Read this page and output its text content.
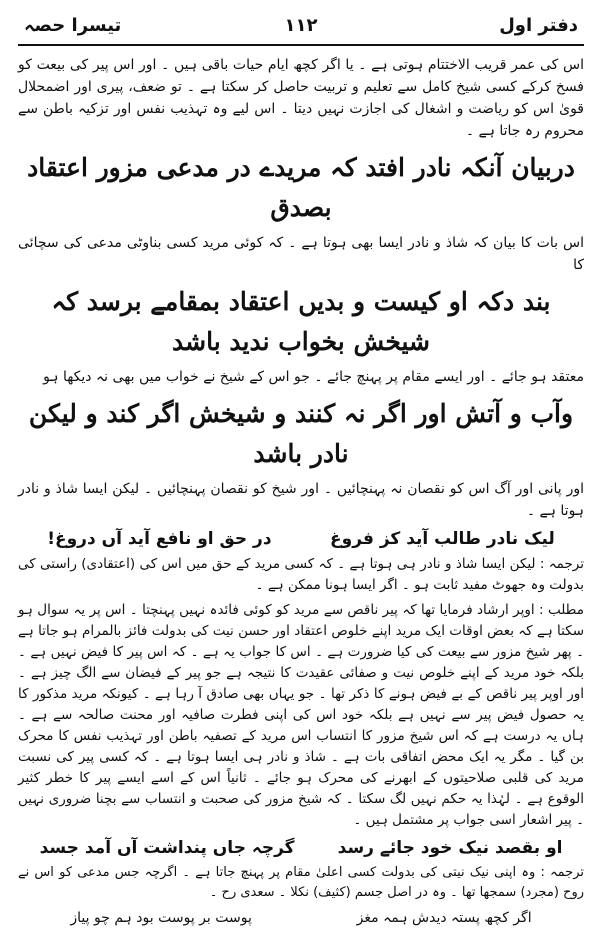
دفتر اول
۱۱۲
تیسرا حصہ

اس کی عمر قریب الاختتام ہوتی ہے ۔ یا اگر کچھ ایام حیات باقی ہیں ۔ اور اس پیر کی بیعت کو فسخ کرکے کسی شیخ کامل سے تعلیم و تربیت حاصل کر سکتا ہے ۔ تو ضعف، پیری اور اضمحلال قویٰ اس کو ریاضت و اشغال کی اجازت نہیں دیتا ۔ اس لیے وہ تہذیب نفس اور تزکیہ باطن سے محروم رہ جاتا ہے ۔

دربیان آنکہ نادر افتد کہ مریدے در مدعی مزور اعتقاد بصدق

اس بات کا بیان کہ شاذ و نادر ایسا بھی ہوتا ہے ۔ کہ کوئی مرید کسی بناوٹی مدعی کی سچائی کا

بند دکہ او کیست و بدیں اعتقاد بمقامے برسد کہ شیخش بخواب ندید باشد

معتقد ہو جائے ۔ اور ایسے مقام پر پہنچ جائے ۔ جو اس کے شیخ نے خواب میں بھی نہ دیکھا ہو

وآب و آتش اور اگر نہ کنند و شیخش اگر کند و لیکن نادر باشد

اور پانی اور آگ اس کو نقصان نہ پہنچائیں ۔ اور شیخ کو نقصان پہنچائیں ۔ لیکن ایسا شاذ و نادر ہوتا ہے ۔

لیک نادر طالب آید کز فروغ
در حق او نافع آید آں دروغ!

ترجمہ : لیکن ایسا شاذ و نادر ہی ہوتا ہے ۔ کہ کسی مرید کے حق میں اس کی (اعتقادی) راستی کی بدولت وہ جھوٹ مفید ثابت ہو ۔ اگر ایسا ہونا ممکن ہے ۔

مطلب : اوپر ارشاد فرمایا تھا کہ پیر ناقص سے مرید کو کوئی فائدہ نہیں پہنچتا ۔ اس پر یہ سوال ہو سکتا ہے کہ بعض اوقات ایک مرید اپنے خلوص اعتقاد اور حسن نیت کی بدولت فائز بالمرام ہو جاتا ہے ۔ پھر شیخ مزور سے بیعت کی کیا ضرورت ہے ۔ اس کا جواب یہ ہے ۔ کہ اس پیر کا فیض نہیں ہے ۔ بلکہ خود مرید کے اپنے خلوص نیت و صفائی عقیدت کا نتیجہ ہے جو پیر کے فیضان سے الگ چیز ہے ۔ اور اوپر پیر ناقص کے بے فیض ہونے کا ذکر تھا ۔ جو یہاں بھی صادق آ رہا ہے ۔ کیونکہ مرید مذکور کا یہ حصول فیض پیر سے نہیں ہے بلکہ خود اس کی اپنی فطرت صافیہ اور محنت صالحہ سے ہے ۔ ہاں یہ درست ہے کہ اس شیخ مزور کا انتساب اس مرید کے تصفیہ باطن اور تہذیب نفس کا محرک بن گیا ۔ مگر یہ ایک محض اتفاقی بات ہے ۔ شاذ و نادر ہی ایسا ہوتا ہے ۔ کہ کسی پیر کی نسبت مرید کی قلبی صلاحیتوں کے ابھرنے کی محرک ہو جائے ۔ ثانیاً اس کے اسے ایسے پیر کا خطر کثیر الوقوع ہے ۔ لہٰذا یہ حکم نہیں لگ سکتا ۔ کہ شیخ مزور کی صحبت و انتساب سے بچنا ضروری نہیں ۔ پیر اشعار اسی جواب پر مشتمل ہیں ۔

او بقصد نیک خود جائے رسد
گرچہ جاں پنداشت آں آمد جسد

ترجمہ : وہ اپنی نیک نیتی کی بدولت کسی اعلیٰ مقام پر پہنچ جاتا ہے ۔ اگرچہ جس مدعی کو اس نے روح (مجرد) سمجھا تھا ۔ وہ در اصل جسم (کثیف) نکلا ۔ سعدی رح ۔

اگر کچھ پستہ دیدش ہمہ مغز
پوست بر پوست بود ہم چو پیاز
